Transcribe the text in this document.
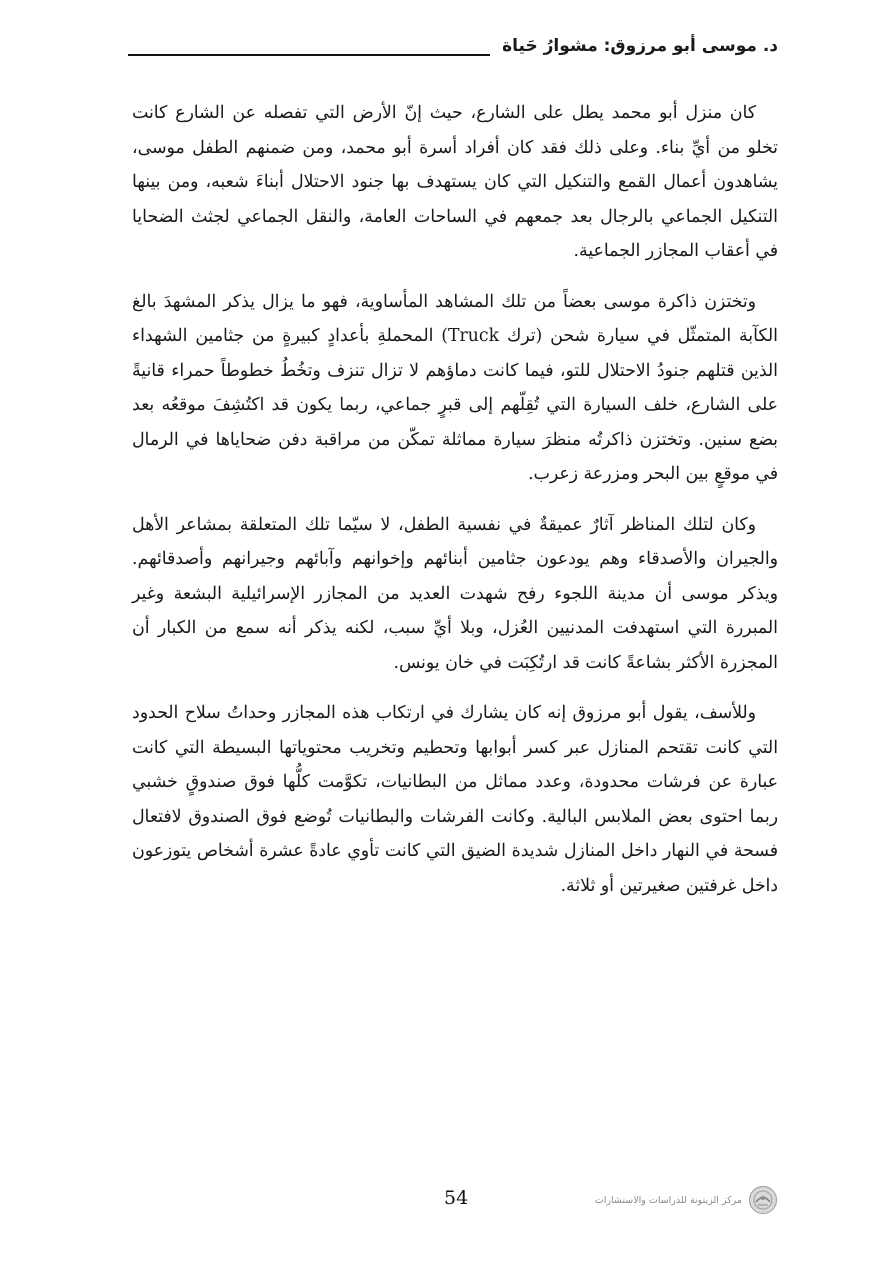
د. موسى أبو مرزوق: مشوارُ حَياة

كان منزل أبو محمد يطل على الشارع، حيث إنّ الأرض التي تفصله عن الشارع كانت تخلو من أيِّ بناء. وعلى ذلك فقد كان أفراد أسرة أبو محمد، ومن ضمنهم الطفل موسى، يشاهدون أعمال القمع والتنكيل التي كان يستهدف بها جنود الاحتلال أبناءَ شعبه، ومن بينها التنكيل الجماعي بالرجال بعد جمعهم في الساحات العامة، والنقل الجماعي لجثث الضحايا في أعقاب المجازر الجماعية.

وتختزن ذاكرة موسى بعضاً من تلك المشاهد المأساوية، فهو ما يزال يذكر المشهدَ بالغ الكآبة المتمثّل في سيارة شحن (ترك Truck) المحملةِ بأعدادٍ كبيرةٍ من جثامين الشهداء الذين قتلهم جنودُ الاحتلال للتو، فيما كانت دماؤهم لا تزال تنزف وتخُطُ خطوطاً حمراء قانيةً على الشارع، خلف السيارة التي تُقِلّهم إلى قبرٍ جماعي، ربما يكون قد اكتُشِفَ موقعُه بعد بضع سنين. وتختزن ذاكرتُه منظرَ سيارة مماثلة تمكّن من مراقبة دفن ضحاياها في الرمال في موقعٍ بين البحر ومزرعة زعرب.

وكان لتلك المناظر آثارٌ عميقةٌ في نفسية الطفل، لا سيّما تلك المتعلقة بمشاعر الأهل والجيران والأصدقاء وهم يودعون جثامين أبنائهم وإخوانهم وآبائهم وجيرانهم وأصدقائهم. ويذكر موسى أن مدينة اللجوء رفح شهدت العديد من المجازر الإسرائيلية البشعة وغير المبررة التي استهدفت المدنيين العُزل، وبلا أيِّ سبب، لكنه يذكر أنه سمع من الكبار أن المجزرة الأكثر بشاعةً كانت قد ارتُكِبَت في خان يونس.

وللأسف، يقول أبو مرزوق إنه كان يشارك في ارتكاب هذه المجازر وحداتُ سلاح الحدود التي كانت تقتحم المنازل عبر كسر أبوابها وتحطيم وتخريب محتوياتها البسيطة التي كانت عبارة عن فرشات محدودة، وعدد مماثل من البطانيات، تكوَّمت كلُّها فوق صندوقٍ خشبي ربما احتوى بعض الملابس البالية. وكانت الفرشات والبطانيات تُوضع فوق الصندوق لافتعال فسحة في النهار داخل المنازل شديدة الضيق التي كانت تأوي عادةً عشرة أشخاص يتوزعون داخل غرفتين صغيرتين أو ثلاثة.

54	مركز الزيتونة للدراسات والاستشارات
